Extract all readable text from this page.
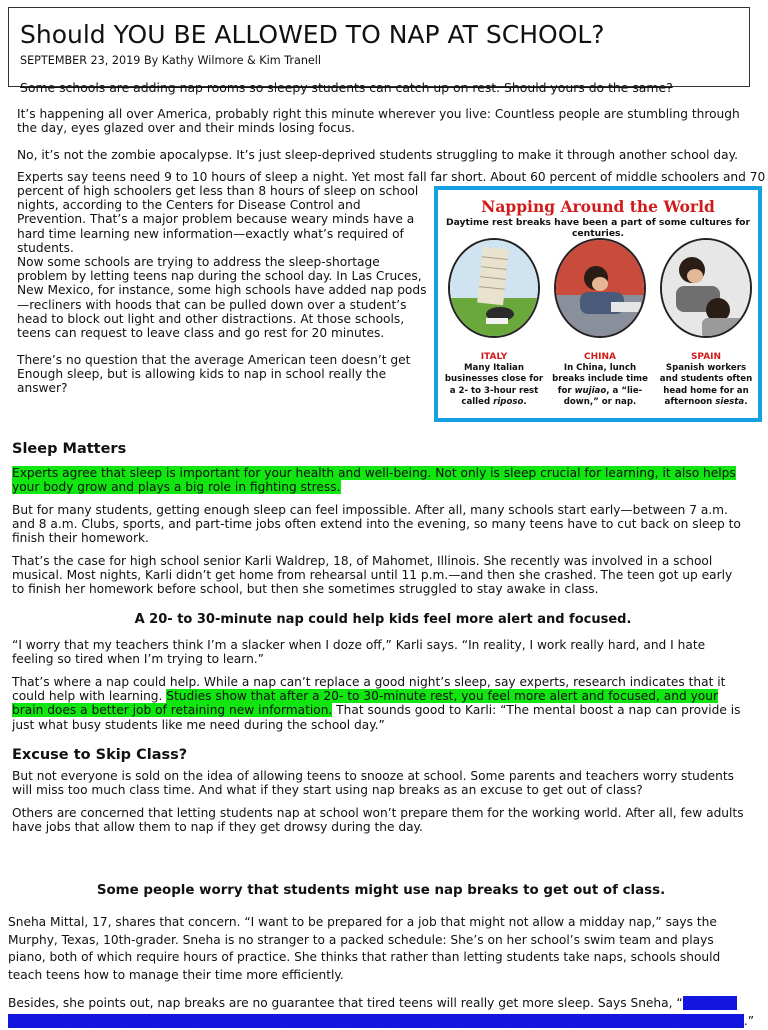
Should YOU BE ALLOWED TO NAP AT SCHOOL?
SEPTEMBER 23, 2019 By Kathy Wilmore & Kim Tranell
Some schools are adding nap rooms so sleepy students can catch up on rest. Should yours do the same?

It’s happening all over America, probably right this minute wherever you live: Countless people are stumbling through the day, eyes glazed over and their minds losing focus.

No, it’s not the zombie apocalypse. It’s just sleep-deprived students struggling to make it through another school day.

Experts say teens need 9 to 10 hours of sleep a night. Yet most fall far short. About 60 percent of middle schoolers and 70

percent of high schoolers get less than 8 hours of sleep on school nights, according to the Centers for Disease Control and Prevention. That’s a major problem because weary minds have a hard time learning new information—exactly what’s required of students.

Now some schools are trying to address the sleep-shortage problem by letting teens nap during the school day. In Las Cruces, New Mexico, for instance, some high schools have added nap pods —recliners with hoods that can be pulled down over a student’s head to block out light and other distractions. At those schools, teens can request to leave class and go rest for 20 minutes.

There’s no question that the average American teen doesn’t get Enough sleep, but is allowing kids to nap in school really the answer?

Napping Around the World
Daytime rest breaks have been a part of some cultures for centuries.
ITALY	CHINA	SPAIN
Many Italian businesses close for a 2- to 3-hour rest called riposo.
In China, lunch breaks include time for wujiao, a “lie-down,” or nap.
Spanish workers and students often head home for an afternoon siesta.
Sleep Matters

Experts agree that sleep is important for your health and well-being. Not only is sleep crucial for learning, it also helps your body grow and plays a big role in fighting stress.

But for many students, getting enough sleep can feel impossible. After all, many schools start early—between 7 a.m. and 8 a.m. Clubs, sports, and part-time jobs often extend into the evening, so many teens have to cut back on sleep to finish their homework.

That’s the case for high school senior Karli Waldrep, 18, of Mahomet, Illinois. She recently was involved in a school musical. Most nights, Karli didn’t get home from rehearsal until 11 p.m.—and then she crashed. The teen got up early to finish her homework before school, but then she sometimes struggled to stay awake in class.

A 20- to 30-minute nap could help kids feel more alert and focused.

“I worry that my teachers think I’m a slacker when I doze off,” Karli says. “In reality, I work really hard, and I hate feeling so tired when I’m trying to learn.”

That’s where a nap could help. While a nap can’t replace a good night’s sleep, say experts, research indicates that it could help with learning. Studies show that after a 20- to 30-minute rest, you feel more alert and focused, and your brain does a better job of retaining new information. That sounds good to Karli: “The mental boost a nap can provide is just what busy students like me need during the school day.”

Excuse to Skip Class?

But not everyone is sold on the idea of allowing teens to snooze at school. Some parents and teachers worry students will miss too much class time. And what if they start using nap breaks as an excuse to get out of class?

Others are concerned that letting students nap at school won’t prepare them for the working world. After all, few adults have jobs that allow them to nap if they get drowsy during the day.

Some people worry that students might use nap breaks to get out of class.

Sneha Mittal, 17, shares that concern. “I want to be prepared for a job that might not allow a midday nap,” says the Murphy, Texas, 10th-grader. Sneha is no stranger to a packed schedule: She’s on her school’s swim team and plays piano, both of which require hours of practice. She thinks that rather than letting students take naps, schools should teach teens how to manage their time more efficiently.

Besides, she points out, nap breaks are no guarantee that tired teens will really get more sleep. Says Sneha, “Students might be less motivated to get enough sleep at home if they’re given the time to nap and a cozy place to do it at school.”
